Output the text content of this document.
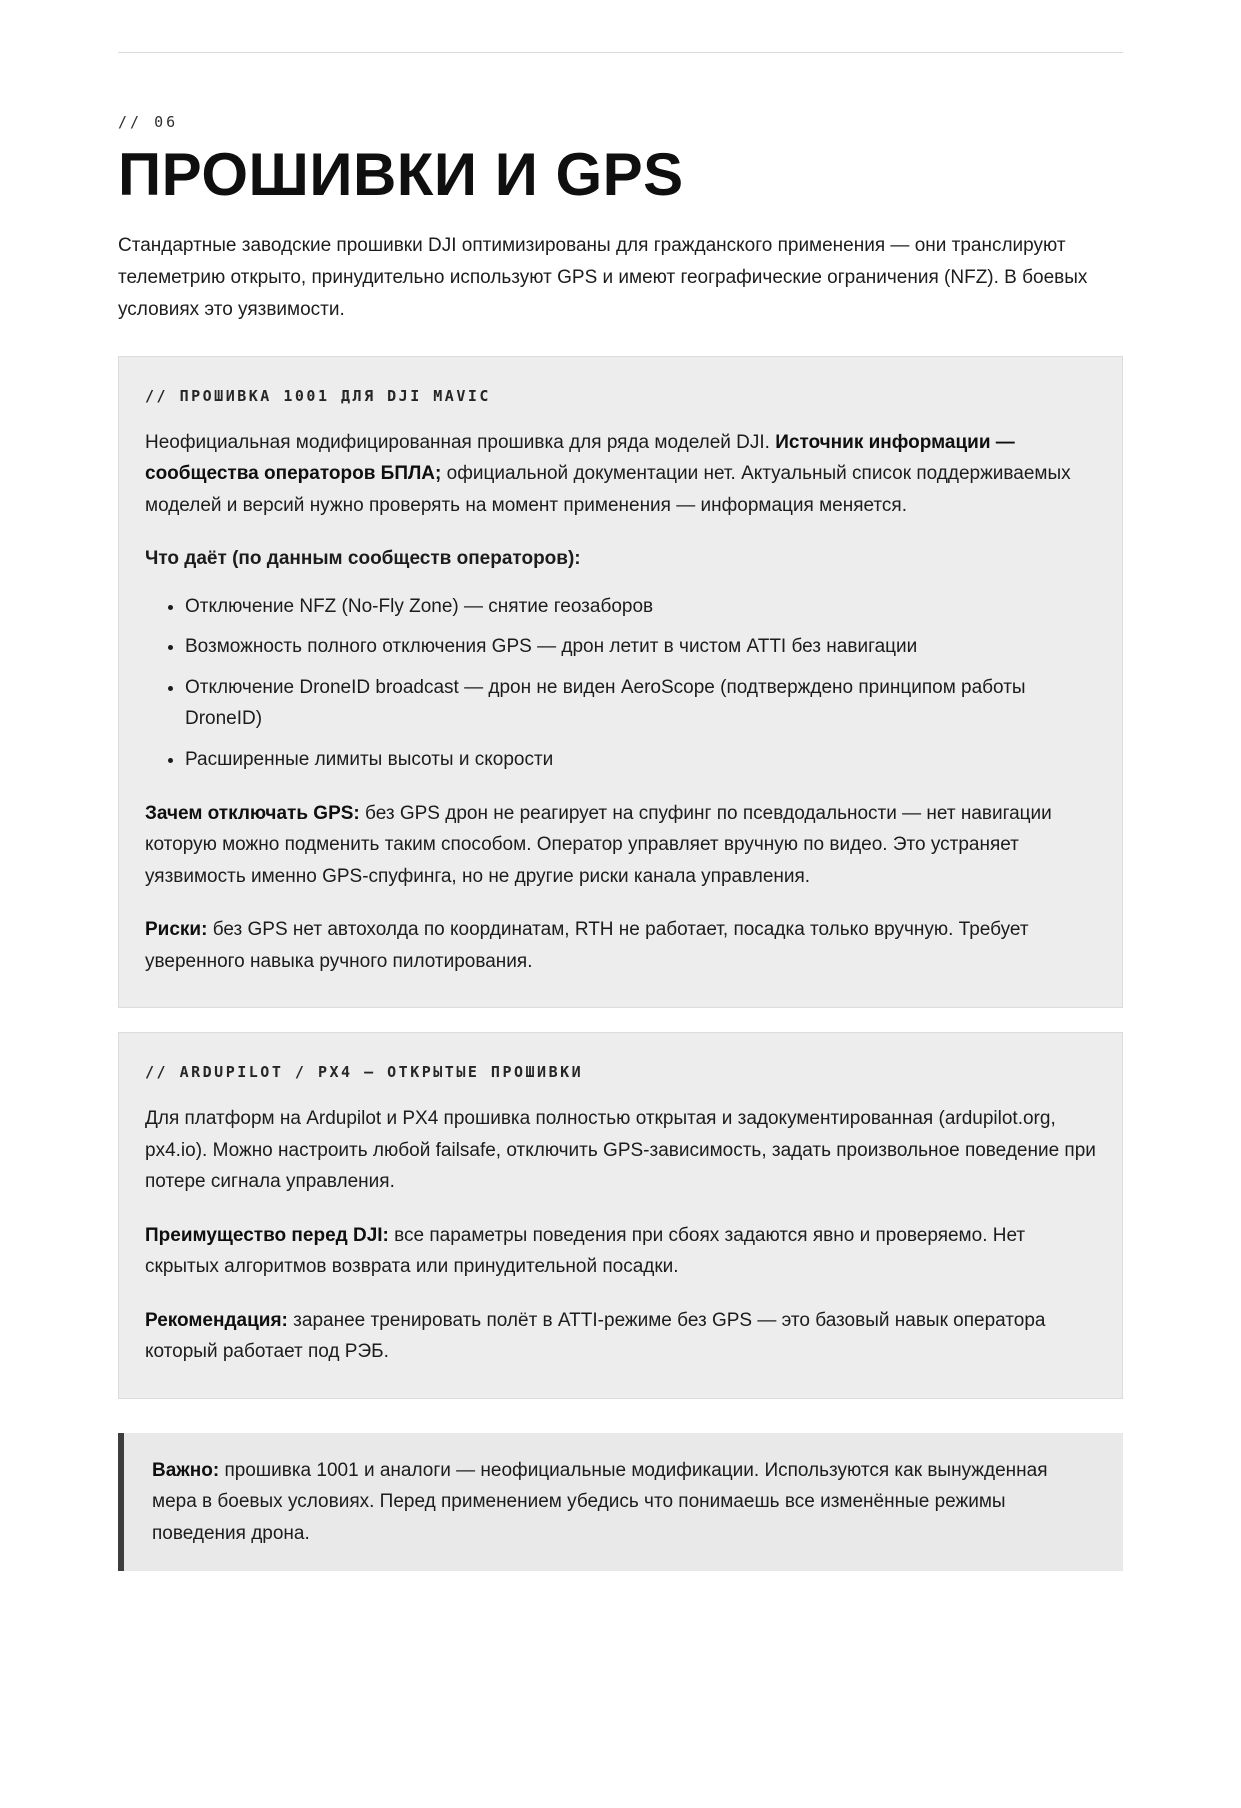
// 06
ПРОШИВКИ И GPS

Стандартные заводские прошивки DJI оптимизированы для гражданского применения — они транслируют телеметрию открыто, принудительно используют GPS и имеют географические ограничения (NFZ). В боевых условиях это уязвимости.

// ПРОШИВКА 1001 ДЛЯ DJI MAVIC

Неофициальная модифицированная прошивка для ряда моделей DJI. Источник информации — сообщества операторов БПЛА; официальной документации нет. Актуальный список поддерживаемых моделей и версий нужно проверять на момент применения — информация меняется.

Что даёт (по данным сообществ операторов):

• Отключение NFZ (No-Fly Zone) — снятие геозаборов
• Возможность полного отключения GPS — дрон летит в чистом ATTI без навигации
• Отключение DroneID broadcast — дрон не виден AeroScope (подтверждено принципом работы DroneID)
• Расширенные лимиты высоты и скорости

Зачем отключать GPS: без GPS дрон не реагирует на спуфинг по псевдодальности — нет навигации которую можно подменить таким способом. Оператор управляет вручную по видео. Это устраняет уязвимость именно GPS-спуфинга, но не другие риски канала управления.

Риски: без GPS нет автохолда по координатам, RTH не работает, посадка только вручную. Требует уверенного навыка ручного пилотирования.

// ARDUPILOT / PX4 — ОТКРЫТЫЕ ПРОШИВКИ

Для платформ на Ardupilot и PX4 прошивка полностью открытая и задокументированная (ardupilot.org, px4.io). Можно настроить любой failsafe, отключить GPS-зависимость, задать произвольное поведение при потере сигнала управления.

Преимущество перед DJI: все параметры поведения при сбоях задаются явно и проверяемо. Нет скрытых алгоритмов возврата или принудительной посадки.

Рекомендация: заранее тренировать полёт в ATTI-режиме без GPS — это базовый навык оператора который работает под РЭБ.

Важно: прошивка 1001 и аналоги — неофициальные модификации. Используются как вынужденная мера в боевых условиях. Перед применением убедись что понимаешь все изменённые режимы поведения дрона.
